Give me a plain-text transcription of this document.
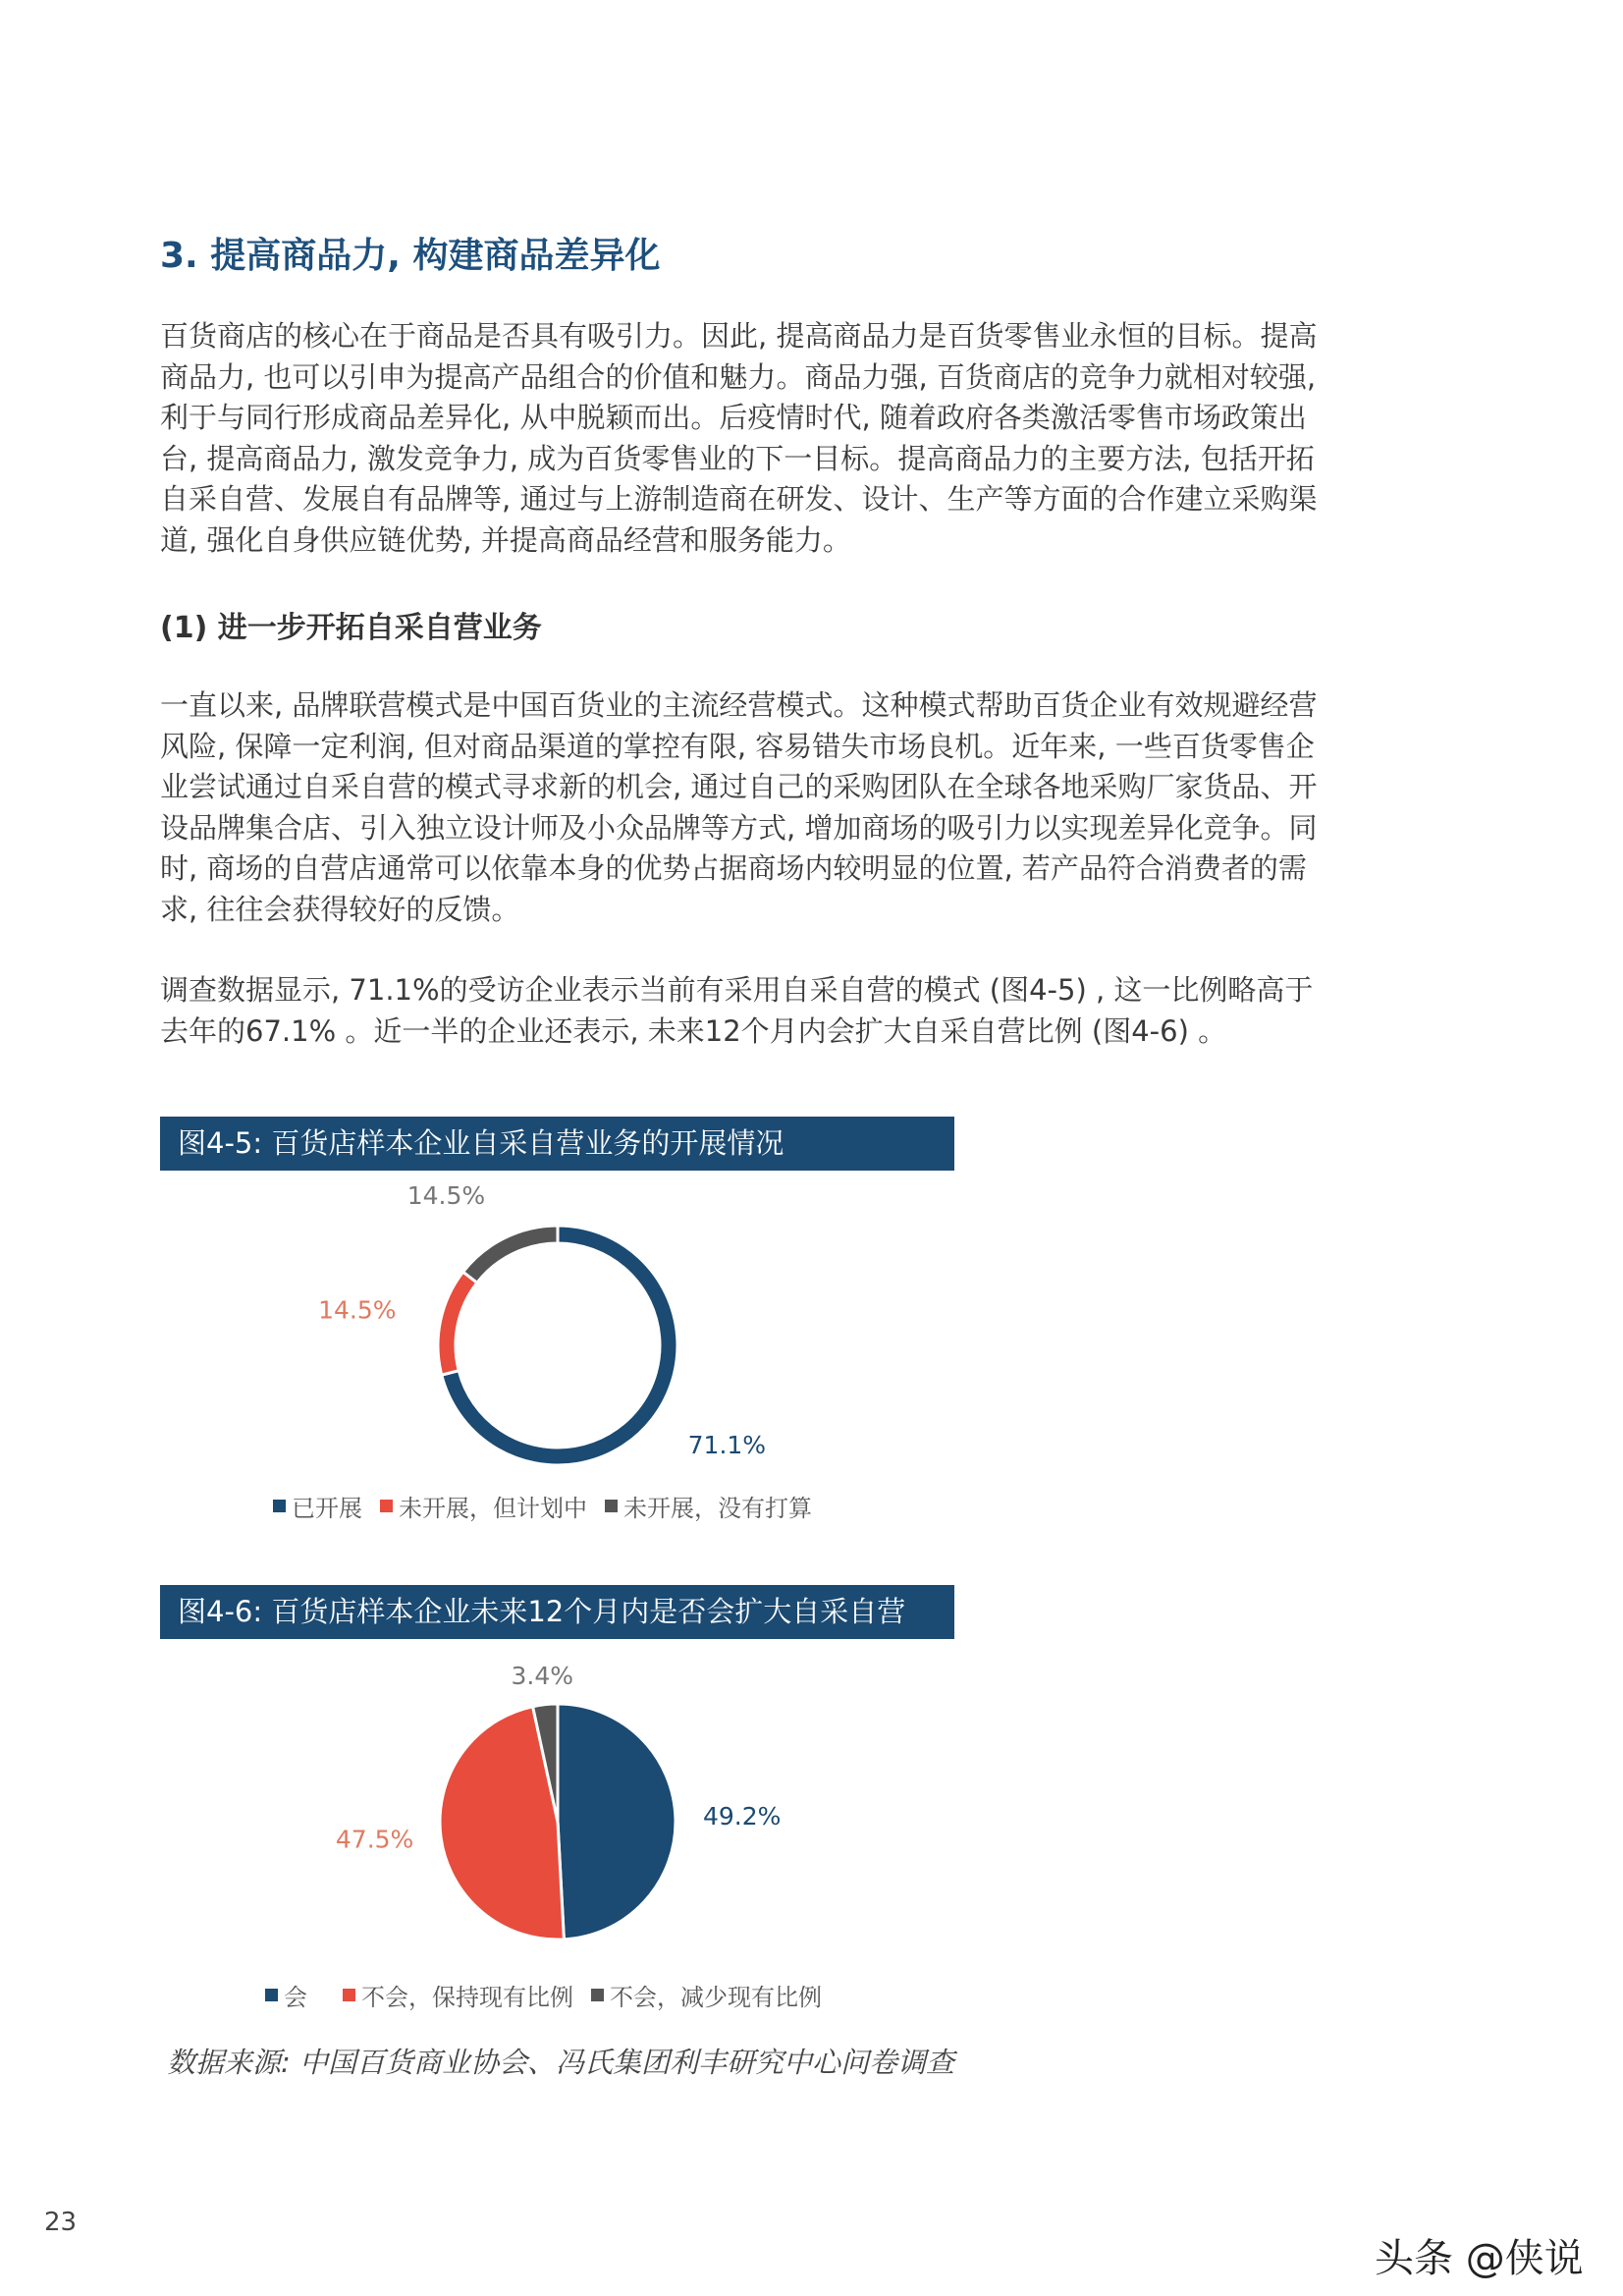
3. 提高商品力, 构建商品差异化
百货商店的核心在于商品是否具有吸引力。因此, 提高商品力是百货零售业永恒的目标。提高商品力, 也可以引申为提高产品组合的价值和魅力。商品力强, 百货商店的竞争力就相对较强, 利于与同行形成商品差异化, 从中脱颖而出。后疫情时代, 随着政府各类激活零售市场政策出台, 提高商品力, 激发竞争力, 成为百货零售业的下一目标。提高商品力的主要方法, 包括开拓自采自营、发展自有品牌等, 通过与上游制造商在研发、设计、生产等方面的合作建立采购渠道, 强化自身供应链优势, 并提高商品经营和服务能力。
(1) 进一步开拓自采自营业务
一直以来, 品牌联营模式是中国百货业的主流经营模式。这种模式帮助百货企业有效规避经营风险, 保障一定利润, 但对商品渠道的掌控有限, 容易错失市场良机。近年来, 一些百货零售企业尝试通过自采自营的模式寻求新的机会, 通过自己的采购团队在全球各地采购厂家货品、开设品牌集合店、引入独立设计师及小众品牌等方式, 增加商场的吸引力以实现差异化竞争。同时, 商场的自营店通常可以依靠本身的优势占据商场内较明显的位置, 若产品符合消费者的需求, 往往会获得较好的反馈。
调查数据显示, 71.1%的受访企业表示当前有采用自采自营的模式 (图4-5) , 这一比例略高于去年的67.1% 。近一半的企业还表示, 未来12个月内会扩大自采自营比例 (图4-6) 。
图4-5: 百货店样本企业自采自营业务的开展情况
71.1%
14.5%
14.5%
已开展 未开展，但计划中 未开展，没有打算
图4-6: 百货店样本企业未来12个月内是否会扩大自采自营
49.2%
47.5%
3.4%
会 不会，保持现有比例 不会，减少现有比例
数据来源: 中国百货商业协会、冯氏集团利丰研究中心问卷调查
23
头条 @侠说
